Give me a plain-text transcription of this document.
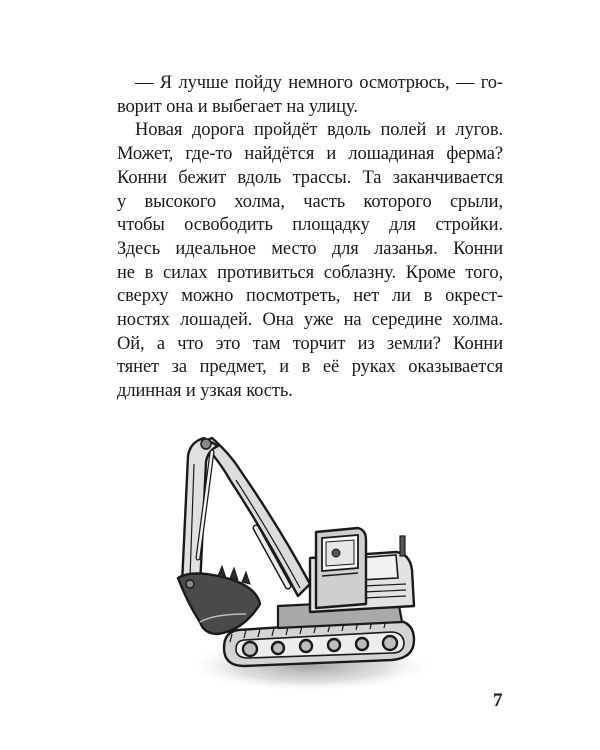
— Я лучше пойду немного осмотрюсь, — го-
ворит она и выбегает на улицу.
Новая дорога пройдёт вдоль полей и лугов.
Может, где-то найдётся и лошадиная ферма?
Конни бежит вдоль трассы. Та заканчивается
у высокого холма, часть которого срыли,
чтобы освободить площадку для стройки.
Здесь идеальное место для лазанья. Конни
не в силах противиться соблазну. Кроме того,
сверху можно посмотреть, нет ли в окрест-
ностях лошадей. Она уже на середине холма.
Ой, а что это там торчит из земли? Конни
тянет за предмет, и в её руках оказывается
длинная и узкая кость.
7
